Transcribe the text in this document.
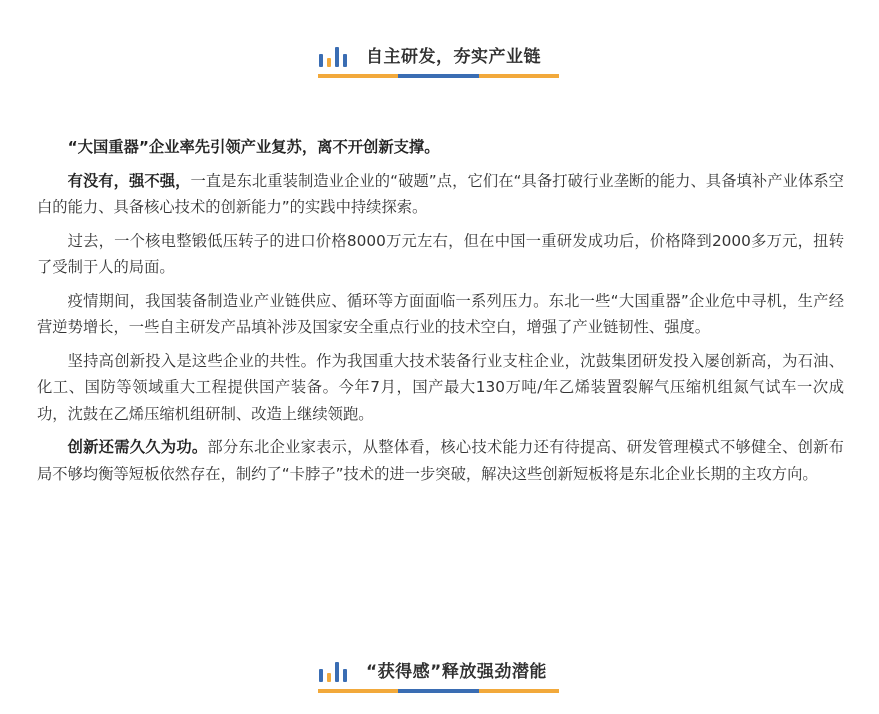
自主研发，夯实产业链

“大国重器”企业率先引领产业复苏，离不开创新支撑。

有没有，强不强，一直是东北重装制造业企业的“破题”点，它们在“具备打破行业垄断的能力、具备填补产业体系空白的能力、具备核心技术的创新能力”的实践中持续探索。

过去，一个核电整锻低压转子的进口价格8000万元左右，但在中国一重研发成功后，价格降到2000多万元，扭转了受制于人的局面。

疫情期间，我国装备制造业产业链供应、循环等方面面临一系列压力。东北一些“大国重器”企业危中寻机，生产经营逆势增长，一些自主研发产品填补涉及国家安全重点行业的技术空白，增强了产业链韧性、强度。

坚持高创新投入是这些企业的共性。作为我国重大技术装备行业支柱企业，沈鼓集团研发投入屡创新高，为石油、化工、国防等领域重大工程提供国产装备。今年7月，国产最大130万吨/年乙烯装置裂解气压缩机组氮气试车一次成功，沈鼓在乙烯压缩机组研制、改造上继续领跑。

创新还需久久为功。部分东北企业家表示，从整体看，核心技术能力还有待提高、研发管理模式不够健全、创新布局不够均衡等短板依然存在，制约了“卡脖子”技术的进一步突破，解决这些创新短板将是东北企业长期的主攻方向。

“获得感”释放强劲潜能
